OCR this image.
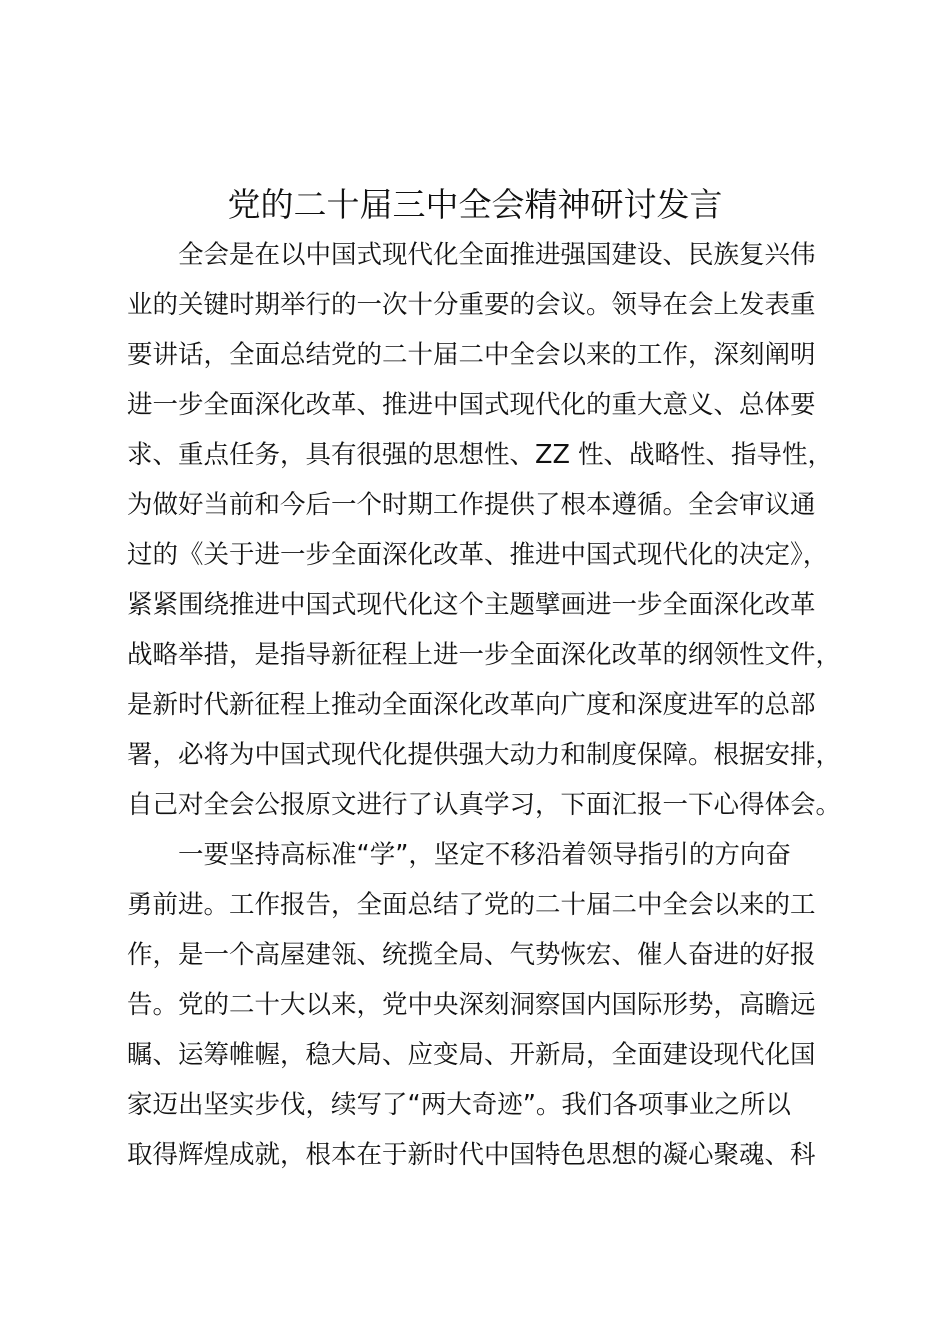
党的二十届三中全会精神研讨发言
全会是在以中国式现代化全面推进强国建设、民族复兴伟
业的关键时期举行的一次十分重要的会议。领导在会上发表重
要讲话，全面总结党的二十届二中全会以来的工作，深刻阐明
进一步全面深化改革、推进中国式现代化的重大意义、总体要
求、重点任务，具有很强的思想性、ZZ 性、战略性、指导性，
为做好当前和今后一个时期工作提供了根本遵循。全会审议通
过的《关于进一步全面深化改革、推进中国式现代化的决定》，
紧紧围绕推进中国式现代化这个主题擘画进一步全面深化改革
战略举措，是指导新征程上进一步全面深化改革的纲领性文件，
是新时代新征程上推动全面深化改革向广度和深度进军的总部
署，必将为中国式现代化提供强大动力和制度保障。根据安排，
自己对全会公报原文进行了认真学习，下面汇报一下心得体会。
一要坚持高标准“学”，坚定不移沿着领导指引的方向奋
勇前进。工作报告，全面总结了党的二十届二中全会以来的工
作，是一个高屋建瓴、统揽全局、气势恢宏、催人奋进的好报
告。党的二十大以来，党中央深刻洞察国内国际形势，高瞻远
瞩、运筹帷幄，稳大局、应变局、开新局，全面建设现代化国
家迈出坚实步伐，续写了“两大奇迹”。我们各项事业之所以
取得辉煌成就，根本在于新时代中国特色思想的凝心聚魂、科
